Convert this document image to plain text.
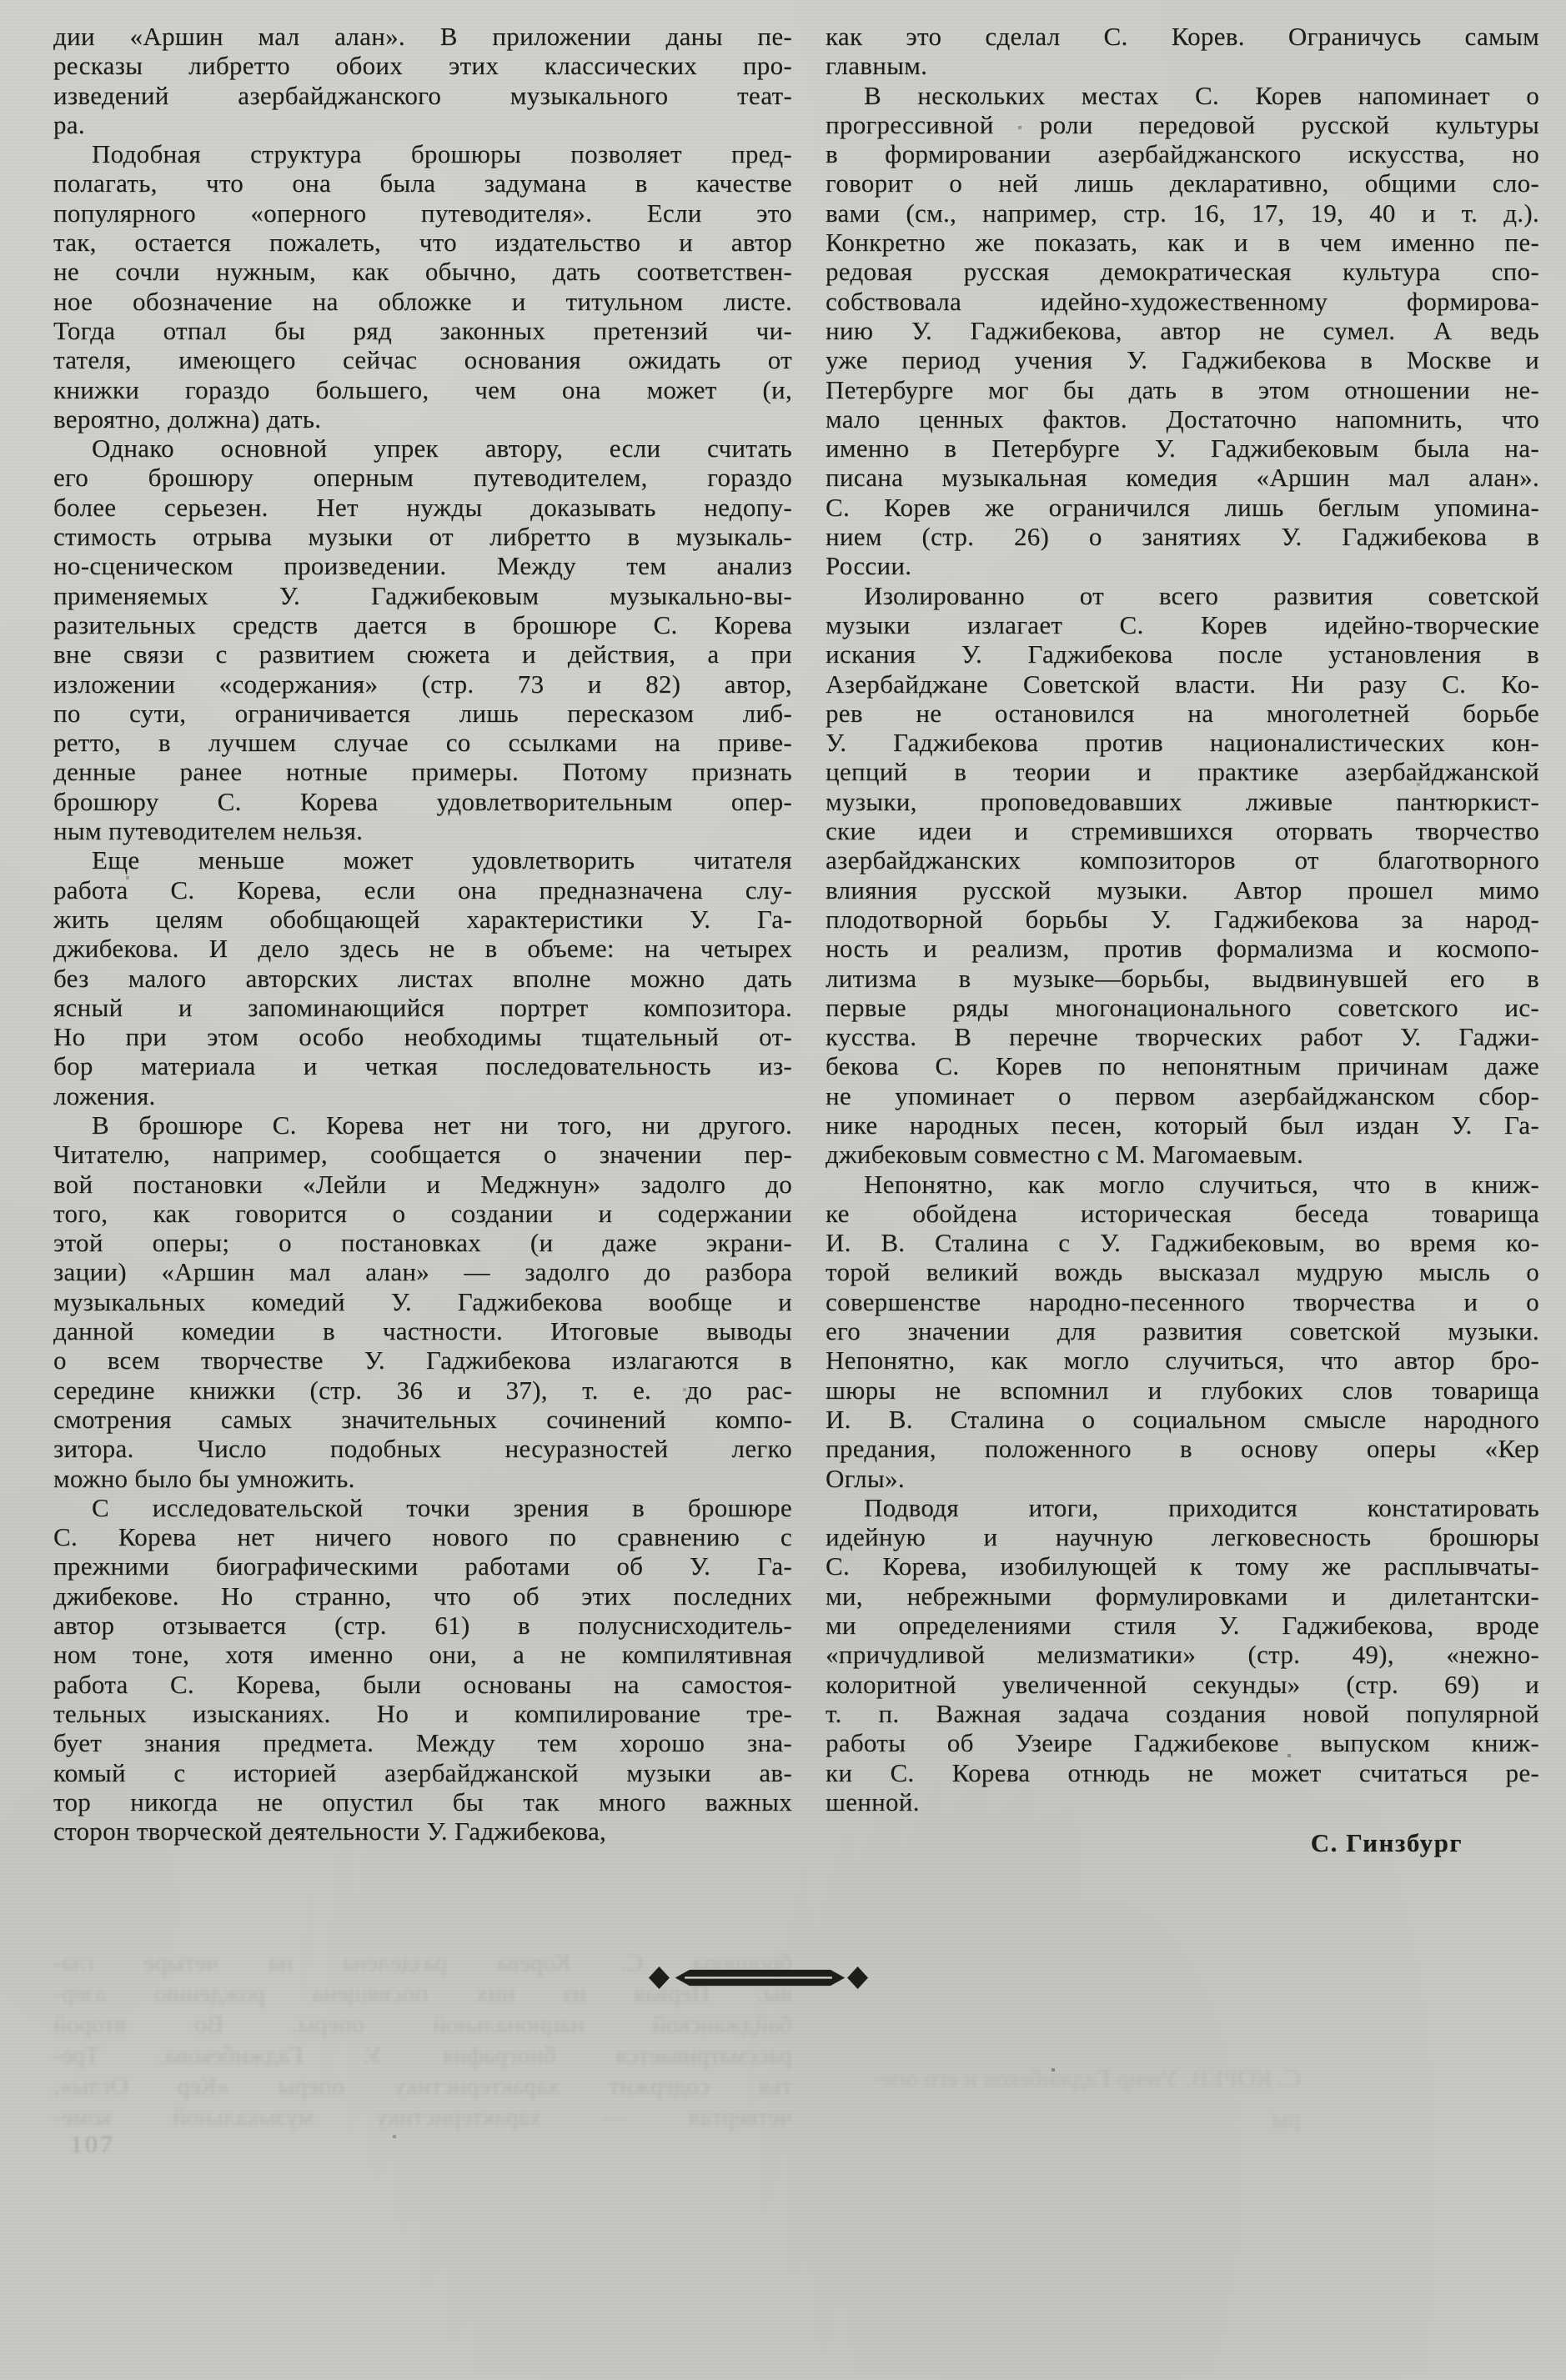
дии «Аршин мал алан». В приложении даны пе-
ресказы либретто обоих этих классических про-
изведений азербайджанского музыкального теат-
ра.

Подобная структура брошюры позволяет пред-
полагать, что она была задумана в качестве
популярного «оперного путеводителя». Если это
так, остается пожалеть, что издательство и автор
не сочли нужным, как обычно, дать соответствен-
ное обозначение на обложке и титульном листе.
Тогда отпал бы ряд законных претензий чи-
тателя, имеющего сейчас основания ожидать от
книжки гораздо большего, чем она может (и,
вероятно, должна) дать.

Однако основной упрек автору, если считать
его брошюру оперным путеводителем, гораздо
более серьезен. Нет нужды доказывать недопу-
стимость отрыва музыки от либретто в музыкаль-
но-сценическом произведении. Между тем анализ
применяемых У. Гаджибековым музыкально-вы-
разительных средств дается в брошюре С. Корева
вне связи с развитием сюжета и действия, а при
изложении «содержания» (стр. 73 и 82) автор,
по сути, ограничивается лишь пересказом либ-
ретто, в лучшем случае со ссылками на приве-
денные ранее нотные примеры. Потому признать
брошюру С. Корева удовлетворительным опер-
ным путеводителем нельзя.

Еще меньше может удовлетворить читателя
работа С. Корева, если она предназначена слу-
жить целям обобщающей характеристики У. Га-
джибекова. И дело здесь не в объеме: на четырех
без малого авторских листах вполне можно дать
ясный и запоминающийся портрет композитора.
Но при этом особо необходимы тщательный от-
бор материала и четкая последовательность из-
ложения.

В брошюре С. Корева нет ни того, ни другого.
Читателю, например, сообщается о значении пер-
вой постановки «Лейли и Меджнун» задолго до
того, как говорится о создании и содержании
этой оперы; о постановках (и даже экрани-
зации) «Аршин мал алан» — задолго до разбора
музыкальных комедий У. Гаджибекова вообще и
данной комедии в частности. Итоговые выводы
о всем творчестве У. Гаджибекова излагаются в
середине книжки (стр. 36 и 37), т. е. до рас-
смотрения самых значительных сочинений компо-
зитора. Число подобных несуразностей легко
можно было бы умножить.

С исследовательской точки зрения в брошюре
С. Корева нет ничего нового по сравнению с
прежними биографическими работами об У. Га-
джибекове. Но странно, что об этих последних
автор отзывается (стр. 61) в полуснисходитель-
ном тоне, хотя именно они, а не компилятивная
работа С. Корева, были основаны на самостоя-
тельных изысканиях. Но и компилирование тре-
бует знания предмета. Между тем хорошо зна-
комый с историей азербайджанской музыки ав-
тор никогда не опустил бы так много важных
сторон творческой деятельности У. Гаджибекова,

как это сделал С. Корев. Ограничусь самым
главным.

В нескольких местах С. Корев напоминает о
прогрессивной роли передовой русской культуры
в формировании азербайджанского искусства, но
говорит о ней лишь декларативно, общими сло-
вами (см., например, стр. 16, 17, 19, 40 и т. д.).
Конкретно же показать, как и в чем именно пе-
редовая русская демократическая культура спо-
собствовала идейно-художественному формирова-
нию У. Гаджибекова, автор не сумел. А ведь
уже период учения У. Гаджибекова в Москве и
Петербурге мог бы дать в этом отношении не-
мало ценных фактов. Достаточно напомнить, что
именно в Петербурге У. Гаджибековым была на-
писана музыкальная комедия «Аршин мал алан».
С. Корев же ограничился лишь беглым упомина-
нием (стр. 26) о занятиях У. Гаджибекова в
России.

Изолированно от всего развития советской
музыки излагает С. Корев идейно-творческие
искания У. Гаджибекова после установления в
Азербайджане Советской власти. Ни разу С. Ко-
рев не остановился на многолетней борьбе
У. Гаджибекова против националистических кон-
цепций в теории и практике азербайджанской
музыки, проповедовавших лживые пантюркист-
ские идеи и стремившихся оторвать творчество
азербайджанских композиторов от благотворного
влияния русской музыки. Автор прошел мимо
плодотворной борьбы У. Гаджибекова за народ-
ность и реализм, против формализма и космопо-
литизма в музыке—борьбы, выдвинувшей его в
первые ряды многонационального советского ис-
кусства. В перечне творческих работ У. Гаджи-
бекова С. Корев по непонятным причинам даже
не упоминает о первом азербайджанском сбор-
нике народных песен, который был издан У. Га-
джибековым совместно с М. Магомаевым.

Непонятно, как могло случиться, что в книж-
ке обойдена историческая беседа товарища
И. В. Сталина с У. Гаджибековым, во время ко-
торой великий вождь высказал мудрую мысль о
совершенстве народно-песенного творчества и о
его значении для развития советской музыки.
Непонятно, как могло случиться, что автор бро-
шюры не вспомнил и глубоких слов товарища
И. В. Сталина о социальном смысле народного
предания, положенного в основу оперы «Кер
Оглы».

Подводя итоги, приходится констатировать
идейную и научную легковесность брошюры
С. Корева, изобилующей к тому же расплывчаты-
ми, небрежными формулировками и дилетантски-
ми определениями стиля У. Гаджибекова, вроде
«причудливой мелизматики» (стр. 49), «нежно-
колоритной увеличенной секунды» (стр. 69) и
т. п. Важная задача создания новой популярной
работы об Узеире Гаджибекове выпуском книж-
ки С. Корева отнюдь не может считаться ре-
шенной.

С. Гинзбург
брошюра С. Корева разделена на четыре гла-
вы. Первая из них посвящена рождению азер-
байджанской национальной оперы. Во второй
рассматривается биография У. Гаджибекова. Тре-
тья содержит характеристику оперы «Кер Оглы»,
четвертая — характеристику музыкальной коме-
С. КОРЕВ. Узеир Гаджибеков и его опе-
ры
107
